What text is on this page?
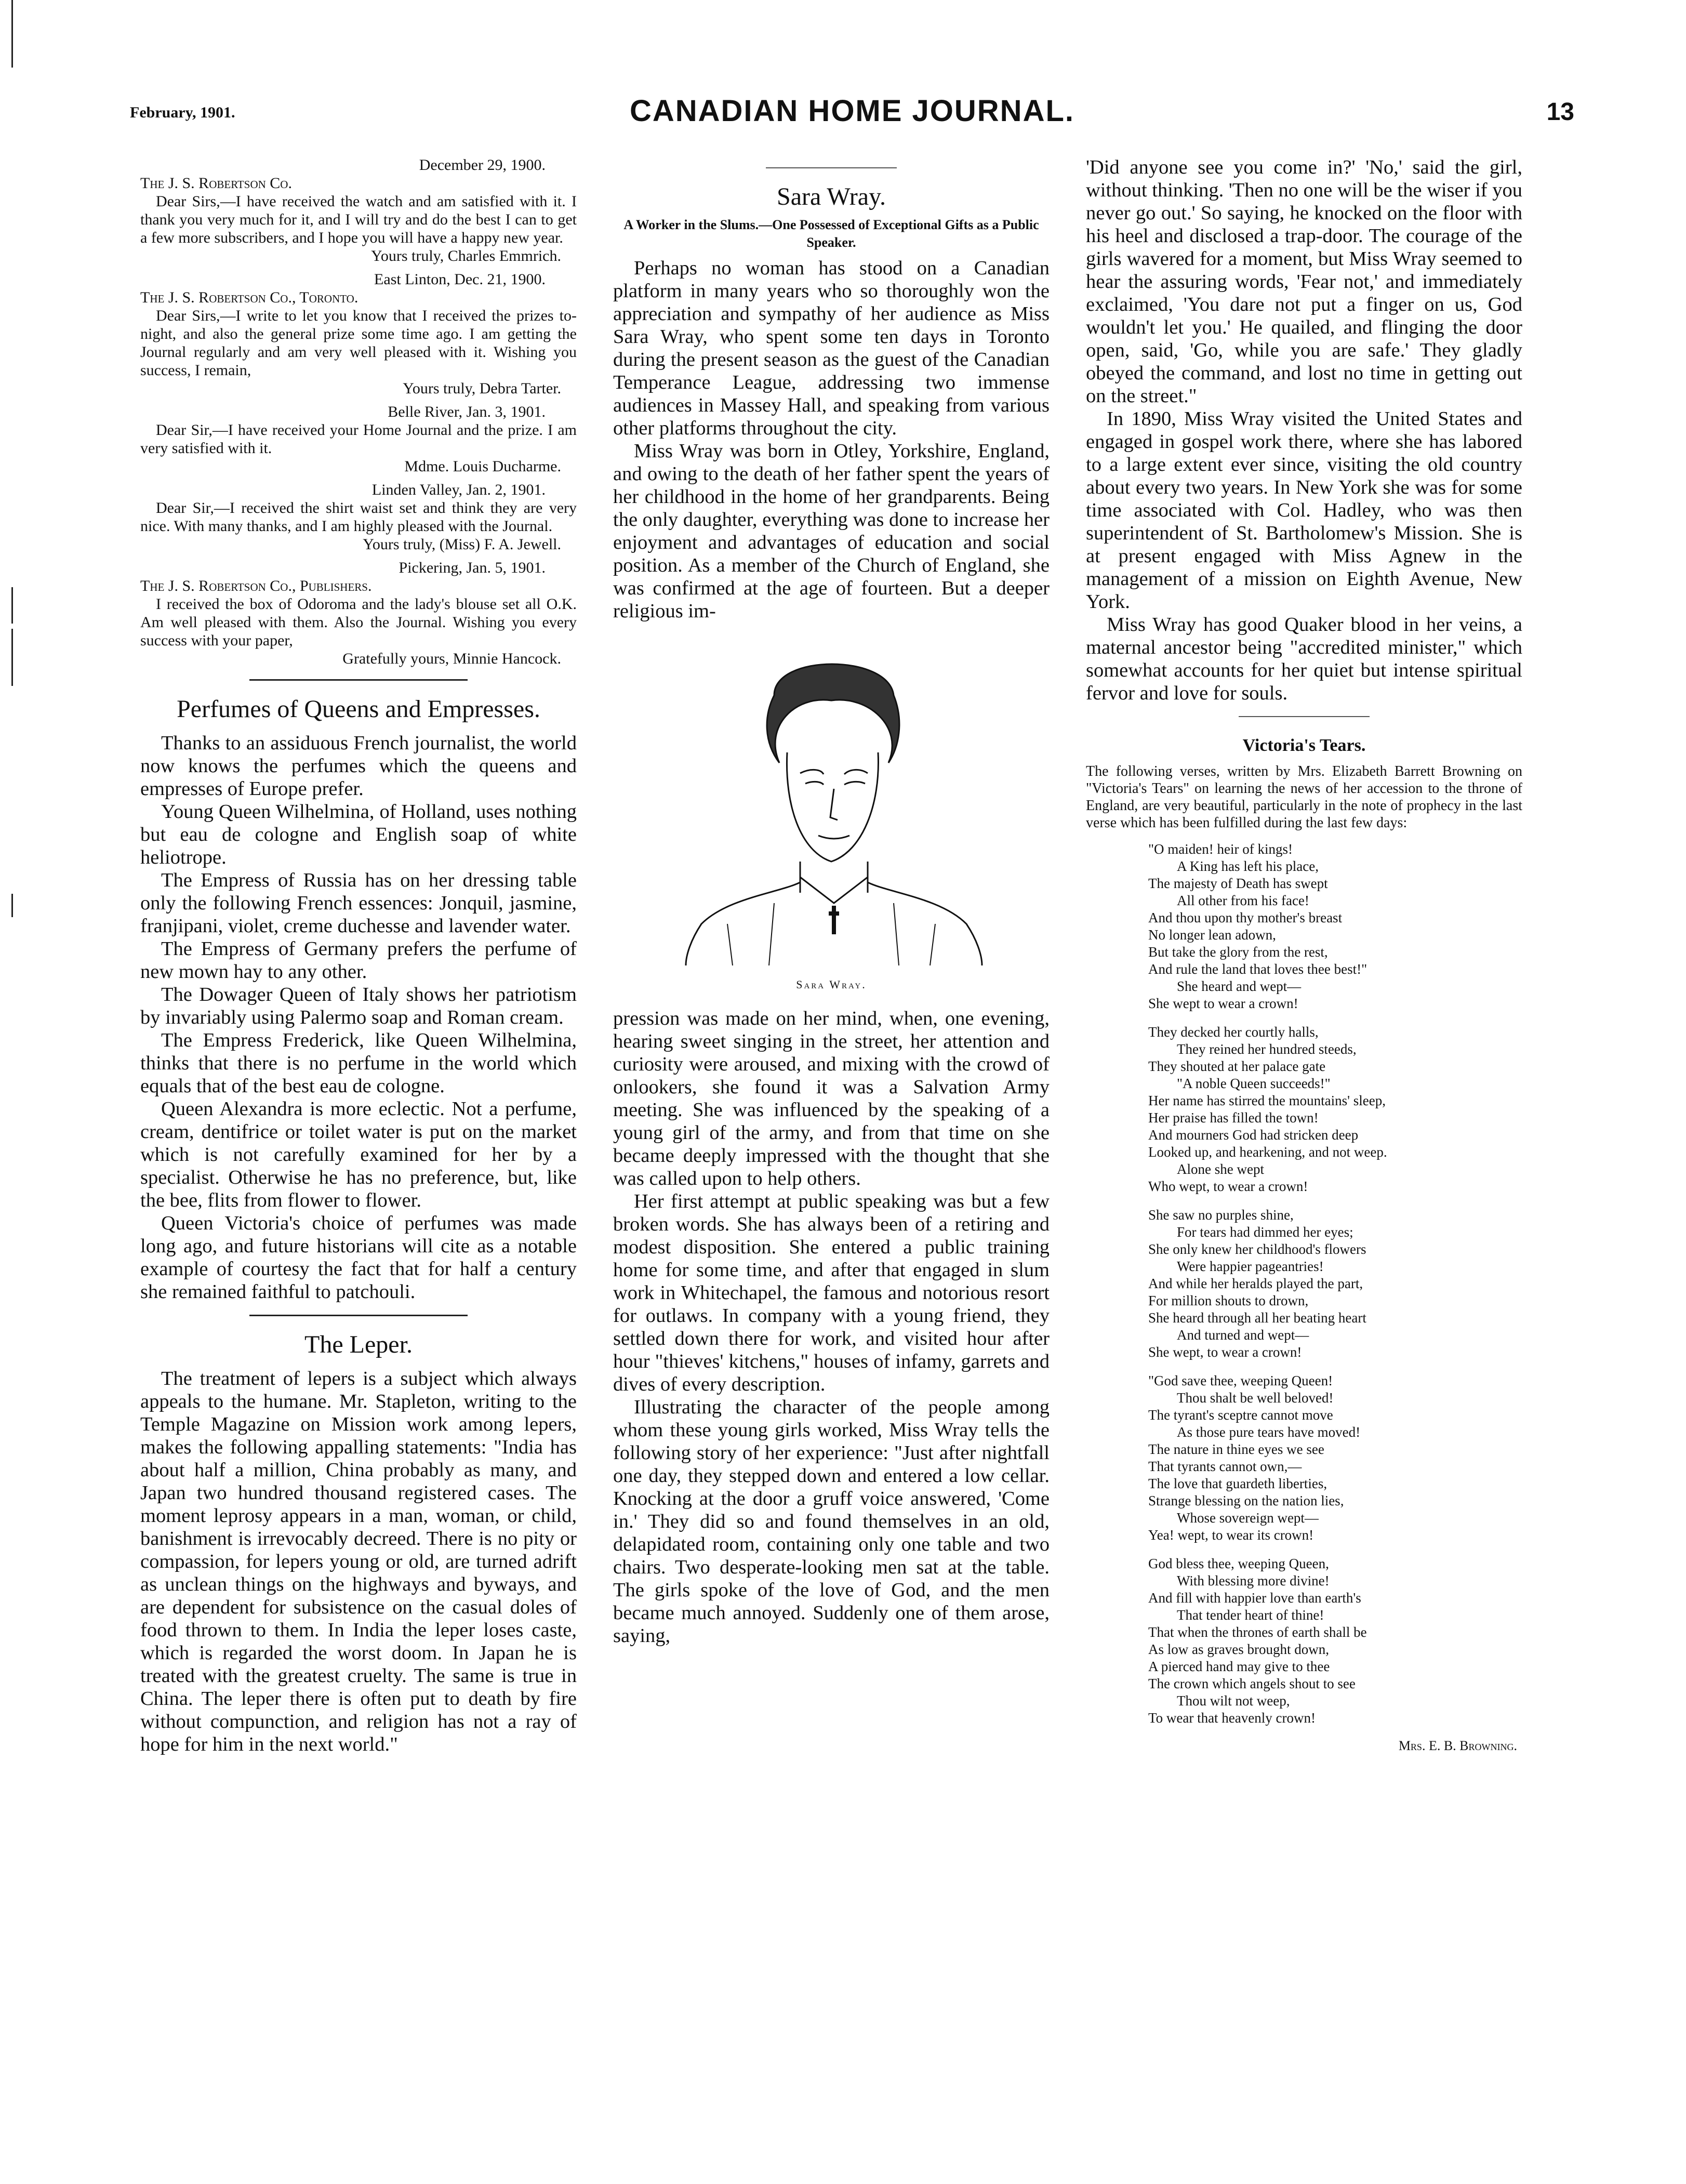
February, 1901.	CANADIAN HOME JOURNAL.	13
December 29, 1900.
The J. S. Robertson Co.

Dear Sirs,—I have received the watch and am satisfied with it. I thank you very much for it, and I will try and do the best I can to get a few more subscribers, and I hope you will have a happy new year.

Yours truly, Charles Emmrich.
East Linton, Dec. 21, 1900.
The J. S. Robertson Co., Toronto.

Dear Sirs,—I write to let you know that I received the prizes to-night, and also the general prize some time ago. I am getting the Journal regularly and am very well pleased with it. Wishing you success, I remain,

Yours truly, Debra Tarter.
Belle River, Jan. 3, 1901.

Dear Sir,—I have received your Home Journal and the prize. I am very satisfied with it.

Mdme. Louis Ducharme.
Linden Valley, Jan. 2, 1901.

Dear Sir,—I received the shirt waist set and think they are very nice. With many thanks, and I am highly pleased with the Journal.

Yours truly, (Miss) F. A. Jewell.
Pickering, Jan. 5, 1901.
The J. S. Robertson Co., Publishers.

I received the box of Odoroma and the lady's blouse set all O.K. Am well pleased with them. Also the Journal. Wishing you every success with your paper,

Gratefully yours, Minnie Hancock.
Perfumes of Queens and Empresses.

Thanks to an assiduous French journalist, the world now knows the perfumes which the queens and empresses of Europe prefer.

Young Queen Wilhelmina, of Holland, uses nothing but eau de cologne and English soap of white heliotrope.

The Empress of Russia has on her dressing table only the following French essences: Jonquil, jasmine, franjipani, violet, creme duchesse and lavender water.

The Empress of Germany prefers the perfume of new mown hay to any other.

The Dowager Queen of Italy shows her patriotism by invariably using Palermo soap and Roman cream.

The Empress Frederick, like Queen Wilhelmina, thinks that there is no perfume in the world which equals that of the best eau de cologne.

Queen Alexandra is more eclectic. Not a perfume, cream, dentifrice or toilet water is put on the market which is not carefully examined for her by a specialist. Otherwise he has no preference, but, like the bee, flits from flower to flower.

Queen Victoria's choice of perfumes was made long ago, and future historians will cite as a notable example of courtesy the fact that for half a century she remained faithful to patchouli.

The Leper.

The treatment of lepers is a subject which always appeals to the humane. Mr. Stapleton, writing to the Temple Magazine on Mission work among lepers, makes the following appalling statements: "India has about half a million, China probably as many, and Japan two hundred thousand registered cases. The moment leprosy appears in a man, woman, or child, banishment is irrevocably decreed. There is no pity or compassion, for lepers young or old, are turned adrift as unclean things on the highways and byways, and are dependent for subsistence on the casual doles of food thrown to them. In India the leper loses caste, which is regarded the worst doom. In Japan he is treated with the greatest cruelty. The same is true in China. The leper there is often put to death by fire without compunction, and religion has not a ray of hope for him in the next world."

Sara Wray.
A Worker in the Slums.—One Possessed of Exceptional Gifts as a Public Speaker.

Perhaps no woman has stood on a Canadian platform in many years who so thoroughly won the appreciation and sympathy of her audience as Miss Sara Wray, who spent some ten days in Toronto during the present season as the guest of the Canadian Temperance League, addressing two immense audiences in Massey Hall, and speaking from various other platforms throughout the city.

Miss Wray was born in Otley, Yorkshire, England, and owing to the death of her father spent the years of her childhood in the home of her grandparents. Being the only daughter, everything was done to increase her enjoyment and advantages of education and social position. As a member of the Church of England, she was confirmed at the age of fourteen. But a deeper religious im-

Sara Wray.

pression was made on her mind, when, one evening, hearing sweet singing in the street, her attention and curiosity were aroused, and mixing with the crowd of onlookers, she found it was a Salvation Army meeting. She was influenced by the speaking of a young girl of the army, and from that time on she became deeply impressed with the thought that she was called upon to help others.

Her first attempt at public speaking was but a few broken words. She has always been of a retiring and modest disposition. She entered a public training home for some time, and after that engaged in slum work in Whitechapel, the famous and notorious resort for outlaws. In company with a young friend, they settled down there for work, and visited hour after hour "thieves' kitchens," houses of infamy, garrets and dives of every description.

Illustrating the character of the people among whom these young girls worked, Miss Wray tells the following story of her experience: "Just after nightfall one day, they stepped down and entered a low cellar. Knocking at the door a gruff voice answered, 'Come in.' They did so and found themselves in an old, delapidated room, containing only one table and two chairs. Two desperate-looking men sat at the table. The girls spoke of the love of God, and the men became much annoyed. Suddenly one of them arose, saying,

'Did anyone see you come in?' 'No,' said the girl, without thinking. 'Then no one will be the wiser if you never go out.' So saying, he knocked on the floor with his heel and disclosed a trap-door. The courage of the girls wavered for a moment, but Miss Wray seemed to hear the assuring words, 'Fear not,' and immediately exclaimed, 'You dare not put a finger on us, God wouldn't let you.' He quailed, and flinging the door open, said, 'Go, while you are safe.' They gladly obeyed the command, and lost no time in getting out on the street."

In 1890, Miss Wray visited the United States and engaged in gospel work there, where she has labored to a large extent ever since, visiting the old country about every two years. In New York she was for some time associated with Col. Hadley, who was then superintendent of St. Bartholomew's Mission. She is at present engaged with Miss Agnew in the management of a mission on Eighth Avenue, New York.

Miss Wray has good Quaker blood in her veins, a maternal ancestor being "accredited minister," which somewhat accounts for her quiet but intense spiritual fervor and love for souls.

Victoria's Tears.
The following verses, written by Mrs. Elizabeth Barrett Browning on "Victoria's Tears" on learning the news of her accession to the throne of England, are very beautiful, particularly in the note of prophecy in the last verse which has been fulfilled during the last few days:
"O maiden! heir of kings!
A King has left his place,
The majesty of Death has swept
All other from his face!
And thou upon thy mother's breast
No longer lean adown,
But take the glory from the rest,
And rule the land that loves thee best!"
She heard and wept—
She wept to wear a crown!
They decked her courtly halls,
They reined her hundred steeds,
They shouted at her palace gate
"A noble Queen succeeds!"
Her name has stirred the mountains' sleep,
Her praise has filled the town!
And mourners God had stricken deep
Looked up, and hearkening, and not weep.
Alone she wept
Who wept, to wear a crown!
She saw no purples shine,
For tears had dimmed her eyes;
She only knew her childhood's flowers
Were happier pageantries!
And while her heralds played the part,
For million shouts to drown,
She heard through all her beating heart
And turned and wept—
She wept, to wear a crown!
"God save thee, weeping Queen!
Thou shalt be well beloved!
The tyrant's sceptre cannot move
As those pure tears have moved!
The nature in thine eyes we see
That tyrants cannot own,—
The love that guardeth liberties,
Strange blessing on the nation lies,
Whose sovereign wept—
Yea! wept, to wear its crown!
God bless thee, weeping Queen,
With blessing more divine!
And fill with happier love than earth's
That tender heart of thine!
That when the thrones of earth shall be
As low as graves brought down,
A pierced hand may give to thee
The crown which angels shout to see
Thou wilt not weep,
To wear that heavenly crown!
Mrs. E. B. Browning.
